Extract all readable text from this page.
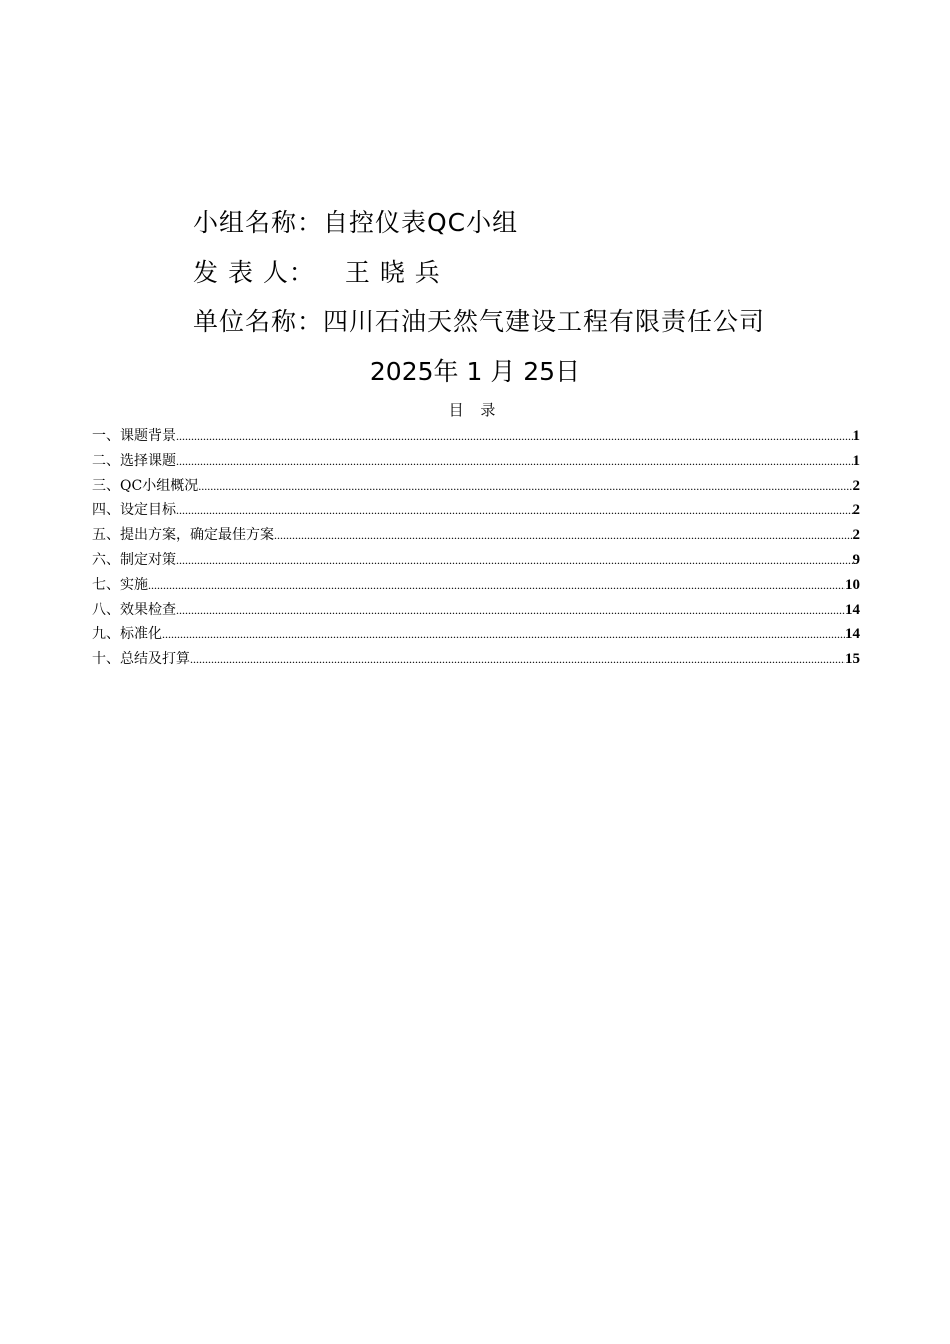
小组名称：自控仪表QC小组
发 表 人： 王 晓 兵
单位名称：四川石油天然气建设工程有限责任公司
2025年 1 月 25日
目 录
一、课题背景 .....	1
二、选择课题 .....	1
三、QC小组概况 .....	2
四、设定目标 .....	2
五、提出方案，确定最佳方案 .....	2
六、制定对策 .....	9
七、实施 .....	10
八、效果检查 .....	14
九、标准化 .....	14
十、总结及打算 .....	15
